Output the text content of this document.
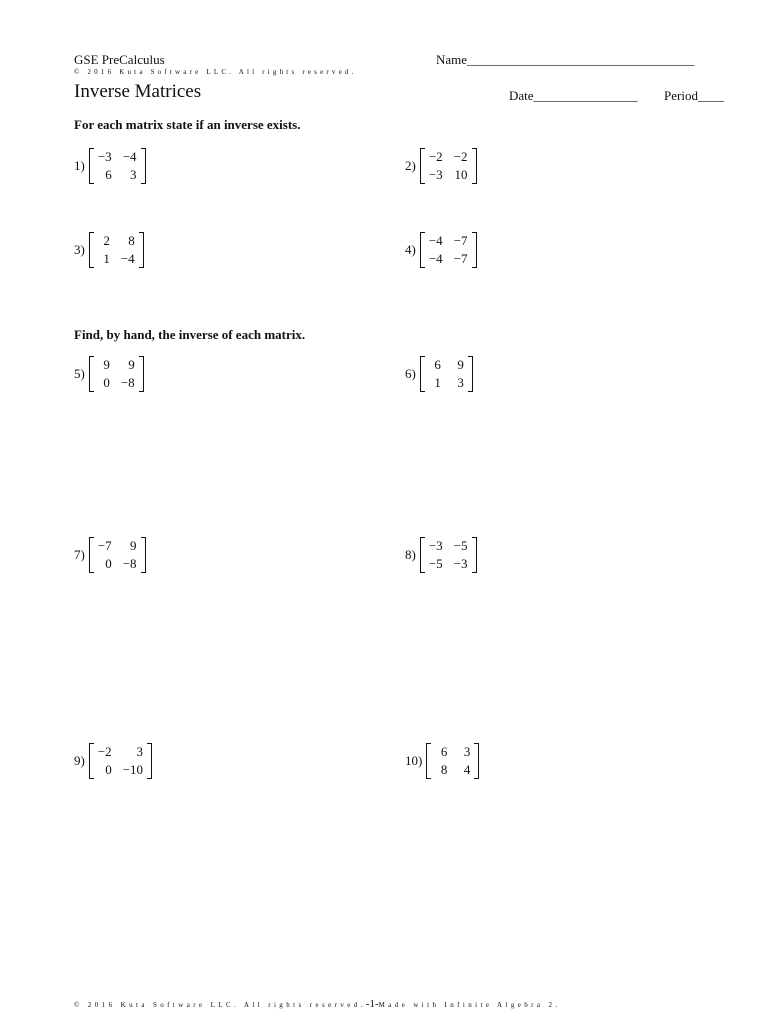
GSE PreCalculus	Name___________________________________
© 2016 Kuta Software LLC. All rights reserved.
Inverse Matrices	Date________________ Period____
For each matrix state if an inverse exists.
Find, by hand, the inverse of each matrix.
1)
−3 −4
6	3
2)
−2 −2
−3 10
3)
2	8
1 −4
4)
−4 −7
−4 −7
5)
9	9
0 −8
6)
6	9
1	3
7)
−7	9
0 −8
8)
−3 −5
−5 −3
9)
−2	3
0 −10
10)
6	3
8	4
© 2016 Kuta Software LLC. All rights reserved.-1-Made with Infinite Algebra 2.
